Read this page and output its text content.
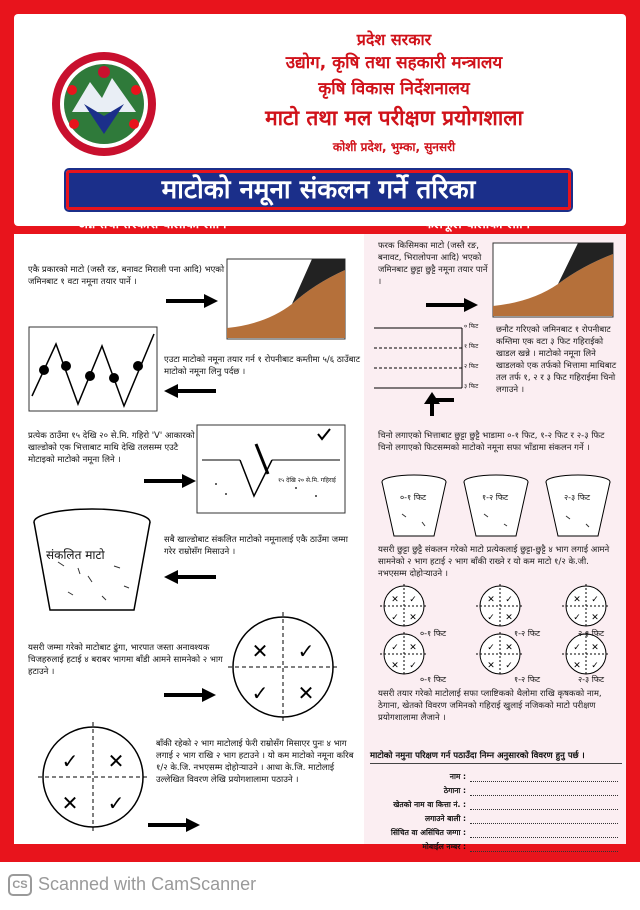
प्रदेश सरकार
उद्योग, कृषि तथा सहकारी मन्त्रालय
कृषि विकास निर्देशनालय
माटो तथा मल परीक्षण प्रयोगशाला
कोशी प्रदेश, भुम्का, सुनसरी
माटोको नमूना संकलन गर्ने तरिका
अन्न तथा तरकारी बालीका लागि	फलफूल बालीको लागि
एकै प्रकारको माटो (जस्तै रङ, बनावट मिराली पना आदि) भएको जमिनबाट १ वटा नमूना तयार पार्ने ।
एउटा माटोको नमूना तयार गर्न १ रोपनीबाट कम्तीमा ५/६ ठाउँबाट माटोको नमूना लिनु पर्दछ ।
प्रत्येक ठाउँमा १५ देखि २० से.मि. गहिरो 'V' आकारको खाल्डोको एक भित्ताबाट माथि देखि तलसम्म एउटै मोटाइको माटोको नमूना लिने ।
१५ देखि २० से.मि. गहिराई
संकलित माटो
सबै खाल्डोबाट संकलित माटोको नमूनालाई एकै ठाउँमा जम्मा गरेर राम्रोसँग मिसाउने ।
यसरी जम्मा गरेको माटोबाट ढुंगा, भारपात जस्ता अनावश्यक चिजहरुलाई हटाई ४ बराबर भागमा बाँडी आमने सामनेको २ भाग हटाउने ।
✕ ✓
✓ ✕
✓ ✕
✕ ✓
बाँकी रहेको २ भाग माटोलाई फेरी राम्रोसँग मिसाएर पुनः ४ भाग लगाई २ भाग राखि २ भाग हटाउने । यो कम माटोको नमूना करिब १/२ के.जि. नभएसम्म दोहोऱ्याउने । आधा के.जि. माटोलाई उल्लेखित विवरण लेखि प्रयोगशालामा पठाउने ।
फरक किसिमका माटो (जस्तै रङ, बनावट, भिरालोपना आदि) भएको जमिनबाट छुट्टा छुट्टै नमूना तयार पार्ने ।
० फिट
१ फिट
२ फिट
३ फिट
छनौट गरिएको जमिनबाट १ रोपनीबाट कम्तिमा एक वटा ३ फिट गहिराईको खाडल खन्ने । माटोको नमूना लिने खाडलको एक तर्फको भित्तामा माथिबाट तल तर्फ १, २ र ३ फिट गहिराईमा चिनो लगाउने ।
चिनो लगाएको भित्ताबाट छुट्टा छुट्टै भाडामा ०-१ फिट, १-२ फिट र २-३ फिट चिनो लगाएको फिटसम्मको माटोको नमूना सफा भाँडामा संकलन गर्ने ।
०-१ फिट	१-२ फिट	२-३ फिट
यसरी छुट्टा छुट्टै संकलन गरेको माटो प्रत्येकलाई छुट्टा-छुट्टै ४ भाग लगाई आमने सामनेको २ भाग हटाई २ भाग बाँकी राख्ने र यो कम माटो १/२ के.जी. नभएसम्म दोहोऱ्याउने ।
✕ ✓
✓ ✕
✕ ✓
✓ ✕
✕ ✓
✓ ✕
✓ ✕
✕ ✓
✓ ✕
✕ ✓
✓ ✕
✕ ✓
०-१ फिट	१-२ फिट	२-३ फिट
०-१ फिट	१-२ फिट	२-३ फिट
यसरी तयार गरेको माटोलाई सफा प्लाष्टिकको थैलोमा राखि कृषकको नाम, ठेगाना, खेतको विवरण जमिनको गहिराई खुलाई नजिकको माटो परीक्षण प्रयोगशालामा लैजाने ।
माटोको नमुना परिक्षण गर्न पठाउँदा निम्न अनुसारको विवरण हुनु पर्छ ।
नाम :
ठेगाना :
खेतको नाम वा कित्ता नं. :
लगाउने बाली :
सिंचित वा असिंचित जग्गा :
मोबाईल नम्बर :
CS Scanned with CamScanner
